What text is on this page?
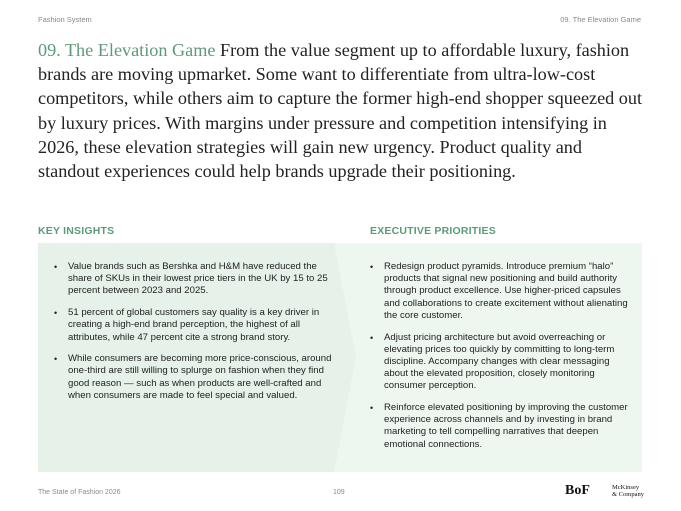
Fashion System	09. The Elevation Game

09. The Elevation Game From the value segment up to affordable luxury, fashion brands are moving upmarket. Some want to differentiate from ultra-low-cost competitors, while others aim to capture the former high-end shopper squeezed out by luxury prices. With margins under pressure and competition intensifying in 2026, these elevation strategies will gain new urgency. Product quality and standout experiences could help brands upgrade their positioning.

KEY INSIGHTS	EXECUTIVE PRIORITIES
• Value brands such as Bershka and H&M have reduced the share of SKUs in their lowest price tiers in the UK by 15 to 25 percent between 2023 and 2025.
• 51 percent of global customers say quality is a key driver in creating a high-end brand perception, the highest of all attributes, while 47 percent cite a strong brand story.
• While consumers are becoming more price-conscious, around one-third are still willing to splurge on fashion when they find good reason — such as when products are well-crafted and when consumers are made to feel special and valued.
• Redesign product pyramids. Introduce premium “halo” products that signal new positioning and build authority through product excellence. Use higher-priced capsules and collaborations to create excitement without alienating the core customer.
• Adjust pricing architecture but avoid overreaching or elevating prices too quickly by committing to long-term discipline. Accompany changes with clear messaging about the elevated proposition, closely monitoring consumer perception.
• Reinforce elevated positioning by improving the customer experience across channels and by investing in brand marketing to tell compelling narratives that deepen emotional connections.
The State of Fashion 2026	109	BoF	McKinsey
& Company
